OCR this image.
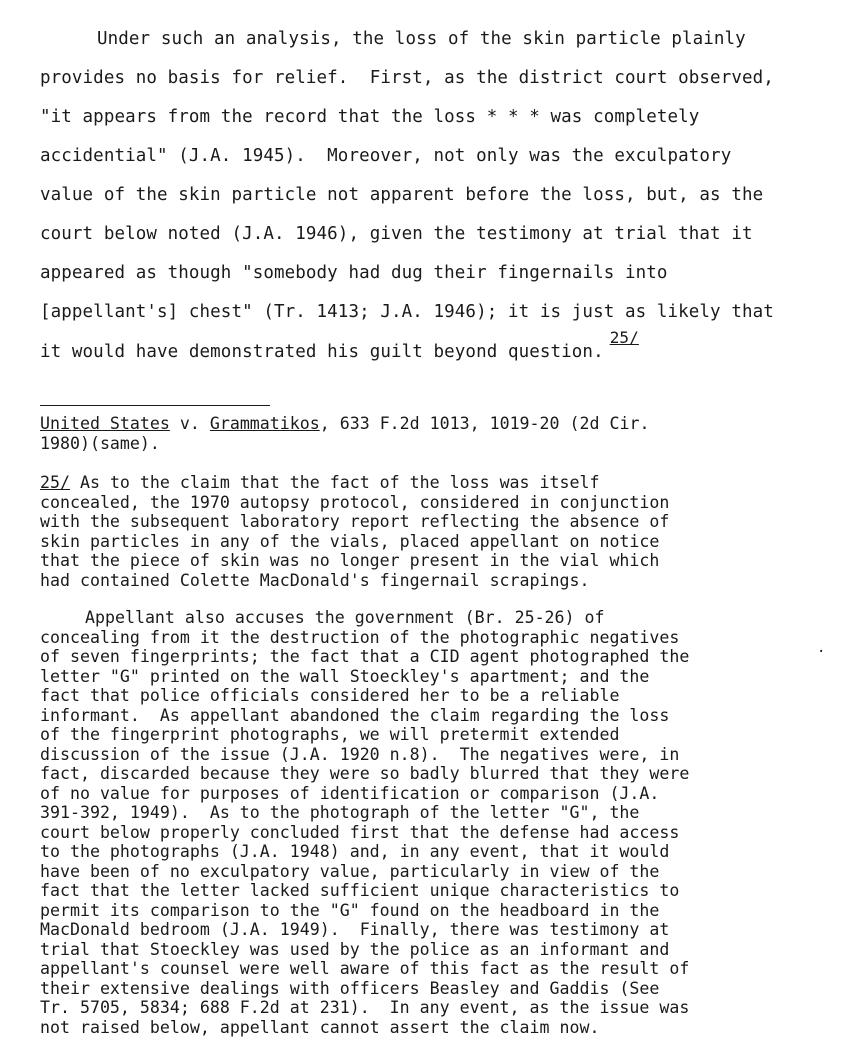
Under such an analysis, the loss of the skin particle plainly
provides no basis for relief.  First, as the district court observed,
"it appears from the record that the loss * * * was completely
accidential" (J.A. 1945).  Moreover, not only was the exculpatory
value of the skin particle not apparent before the loss, but, as the
court below noted (J.A. 1946), given the testimony at trial that it
appeared as though "somebody had dug their fingernails into
[appellant's] chest" (Tr. 1413; J.A. 1946); it is just as likely that
it would have demonstrated his guilt beyond question.25/
United States v. Grammatikos, 633 F.2d 1013, 1019-20 (2d Cir.
1980)(same).
25/ As to the claim that the fact of the loss was itself
concealed, the 1970 autopsy protocol, considered in conjunction
with the subsequent laboratory report reflecting the absence of
skin particles in any of the vials, placed appellant on notice
that the piece of skin was no longer present in the vial which
had contained Colette MacDonald's fingernail scrapings.
Appellant also accuses the government (Br. 25-26) of
concealing from it the destruction of the photographic negatives
of seven fingerprints; the fact that a CID agent photographed the
letter "G" printed on the wall Stoeckley's apartment; and the
fact that police officials considered her to be a reliable
informant.  As appellant abandoned the claim regarding the loss
of the fingerprint photographs, we will pretermit extended
discussion of the issue (J.A. 1920 n.8).  The negatives were, in
fact, discarded because they were so badly blurred that they were
of no value for purposes of identification or comparison (J.A.
391-392, 1949).  As to the photograph of the letter "G", the
court below properly concluded first that the defense had access
to the photographs (J.A. 1948) and, in any event, that it would
have been of no exculpatory value, particularly in view of the
fact that the letter lacked sufficient unique characteristics to
permit its comparison to the "G" found on the headboard in the
MacDonald bedroom (J.A. 1949).  Finally, there was testimony at
trial that Stoeckley was used by the police as an informant and
appellant's counsel were well aware of this fact as the result of
their extensive dealings with officers Beasley and Gaddis (See
Tr. 5705, 5834; 688 F.2d at 231).  In any event, as the issue was
not raised below, appellant cannot assert the claim now.
.
